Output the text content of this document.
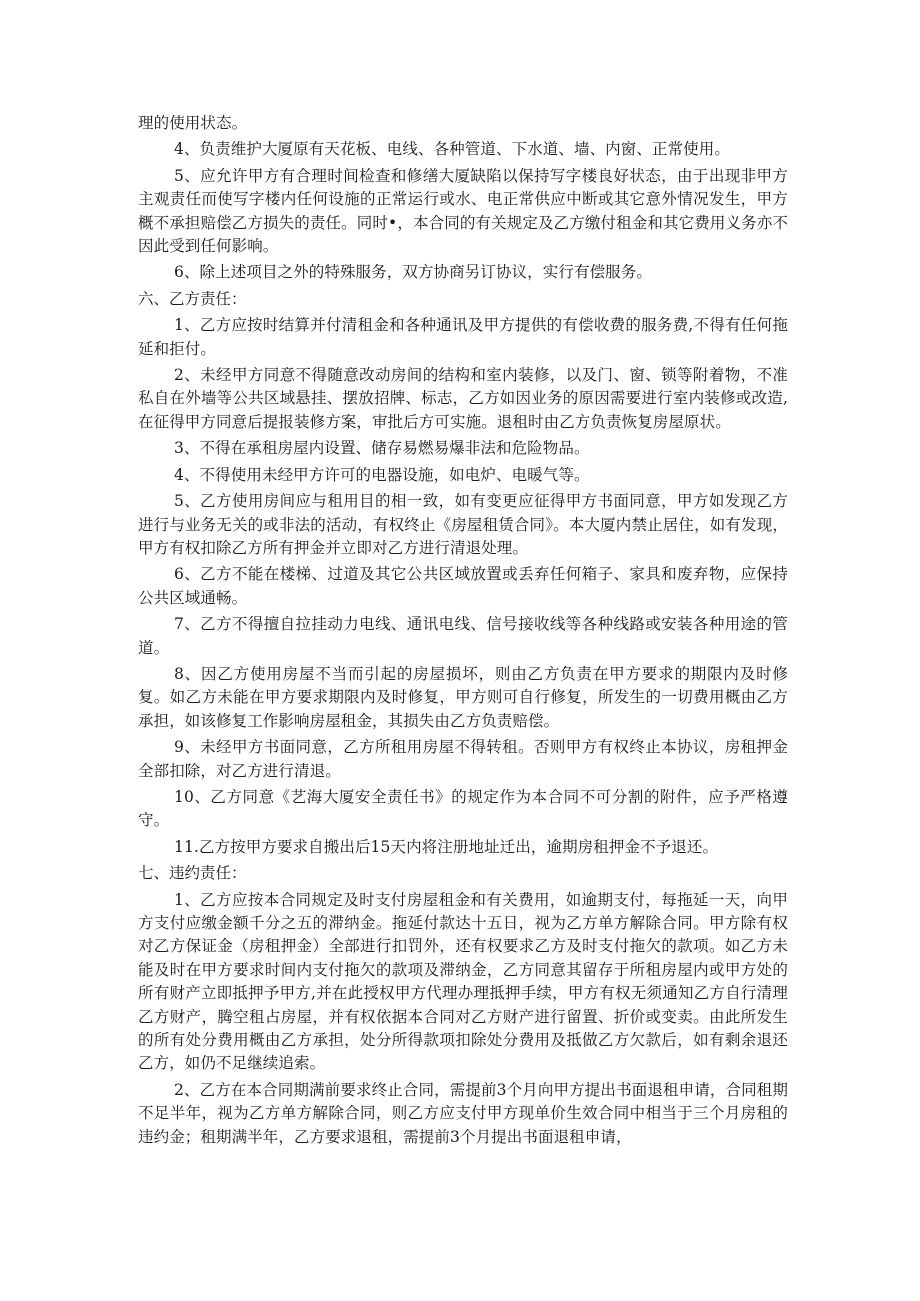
理的使用状态。

4、负责维护大厦原有天花板、电线、各种管道、下水道、墙、内窗、正常使用。

5、应允许甲方有合理时间检查和修缮大厦缺陷以保持写字楼良好状态，由于出现非甲方主观责任而使写字楼内任何设施的正常运行或水、电正常供应中断或其它意外情况发生，甲方概不承担赔偿乙方损失的责任。同时•，本合同的有关规定及乙方缴付租金和其它费用义务亦不因此受到任何影响。

6、除上述项目之外的特殊服务，双方协商另订协议，实行有偿服务。

六、乙方责任：

1、乙方应按时结算并付清租金和各种通讯及甲方提供的有偿收费的服务费,不得有任何拖延和拒付。

2、未经甲方同意不得随意改动房间的结构和室内装修，以及门、窗、锁等附着物，不准私自在外墙等公共区域悬挂、摆放招牌、标志，乙方如因业务的原因需要进行室内装修或改造,在征得甲方同意后提报装修方案，审批后方可实施。退租时由乙方负责恢复房屋原状。

3、不得在承租房屋内设置、储存易燃易爆非法和危险物品。

4、不得使用未经甲方许可的电器设施，如电炉、电暖气等。

5、乙方使用房间应与租用目的相一致，如有变更应征得甲方书面同意，甲方如发现乙方进行与业务无关的或非法的活动，有权终止《房屋租赁合同》。本大厦内禁止居住，如有发现，甲方有权扣除乙方所有押金并立即对乙方进行清退处理。

6、乙方不能在楼梯、过道及其它公共区域放置或丢弃任何箱子、家具和废弃物，应保持公共区域通畅。

7、乙方不得擅自拉挂动力电线、通讯电线、信号接收线等各种线路或安装各种用途的管道。

8、因乙方使用房屋不当而引起的房屋损坏，则由乙方负责在甲方要求的期限内及时修复。如乙方未能在甲方要求期限内及时修复，甲方则可自行修复，所发生的一切费用概由乙方承担，如该修复工作影响房屋租金，其损失由乙方负责赔偿。

9、未经甲方书面同意，乙方所租用房屋不得转租。否则甲方有权终止本协议，房租押金全部扣除，对乙方进行清退。

10、乙方同意《艺海大厦安全责任书》的规定作为本合同不可分割的附件，应予严格遵守。

11.乙方按甲方要求自搬出后15天内将注册地址迁出，逾期房租押金不予退还。

七、违约责任：

1、乙方应按本合同规定及时支付房屋租金和有关费用，如逾期支付，每拖延一天，向甲方支付应缴金额千分之五的滞纳金。拖延付款达十五日，视为乙方单方解除合同。甲方除有权对乙方保证金（房租押金）全部进行扣罚外，还有权要求乙方及时支付拖欠的款项。如乙方未能及时在甲方要求时间内支付拖欠的款项及滞纳金，乙方同意其留存于所租房屋内或甲方处的所有财产立即抵押予甲方,并在此授权甲方代理办理抵押手续，甲方有权无须通知乙方自行清理乙方财产，腾空租占房屋，并有权依据本合同对乙方财产进行留置、折价或变卖。由此所发生的所有处分费用概由乙方承担，处分所得款项扣除处分费用及抵做乙方欠款后，如有剩余退还乙方，如仍不足继续追索。

2、乙方在本合同期满前要求终止合同，需提前3个月向甲方提出书面退租申请，合同租期不足半年，视为乙方单方解除合同，则乙方应支付甲方现单价生效合同中相当于三个月房租的违约金；租期满半年，乙方要求退租，需提前3个月提出书面退租申请，
